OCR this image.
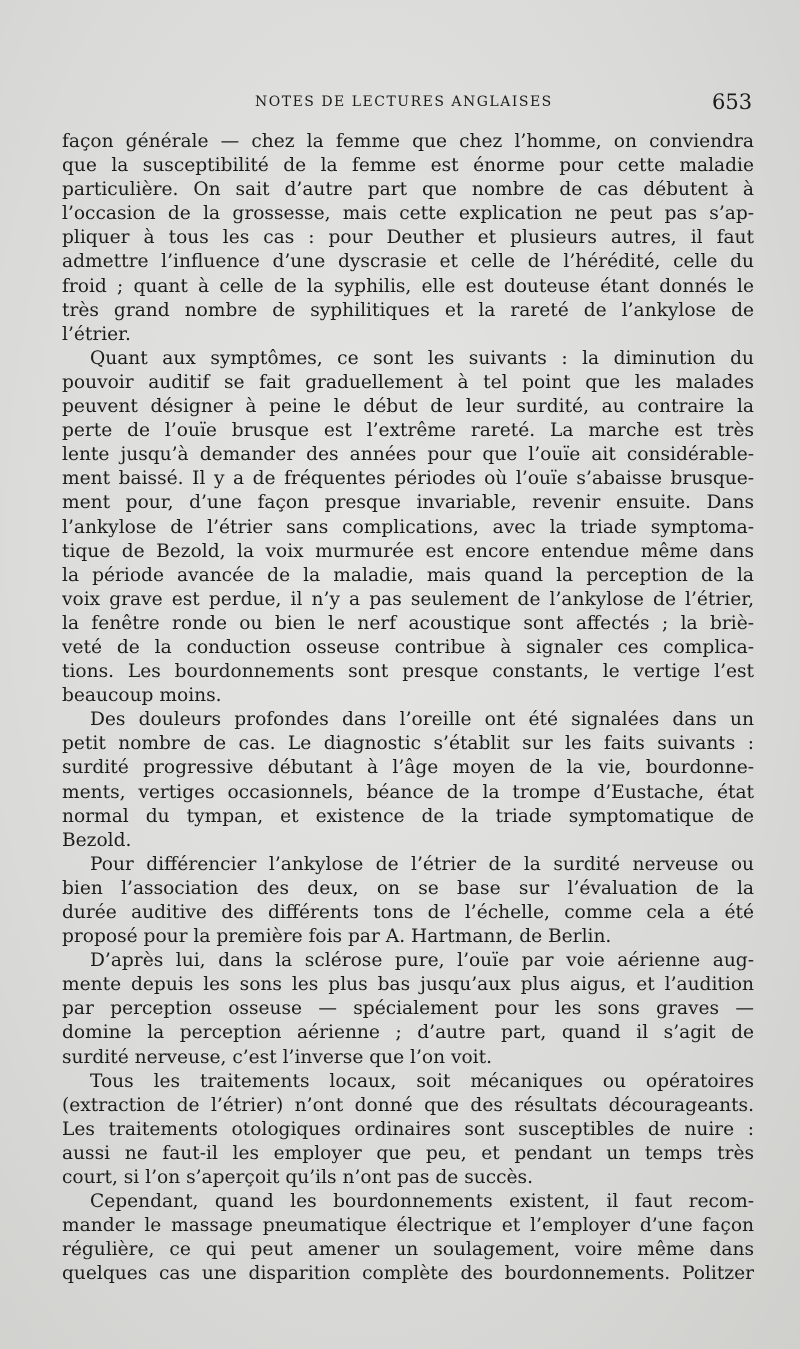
NOTES DE LECTURES ANGLAISES	653
façon générale — chez la femme que chez l’homme, on conviendra
que la susceptibilité de la femme est énorme pour cette maladie
particulière. On sait d’autre part que nombre de cas débutent à
l’occasion de la grossesse, mais cette explication ne peut pas s’ap-
pliquer à tous les cas : pour Deuther et plusieurs autres, il faut
admettre l’influence d’une dyscrasie et celle de l’hérédité, celle du
froid ; quant à celle de la syphilis, elle est douteuse étant donnés le
très grand nombre de syphilitiques et la rareté de l’ankylose de
l’étrier.
Quant aux symptômes, ce sont les suivants : la diminution du
pouvoir auditif se fait graduellement à tel point que les malades
peuvent désigner à peine le début de leur surdité, au contraire la
perte de l’ouïe brusque est l’extrême rareté. La marche est très
lente jusqu’à demander des années pour que l’ouïe ait considérable-
ment baissé. Il y a de fréquentes périodes où l’ouïe s’abaisse brusque-
ment pour, d’une façon presque invariable, revenir ensuite. Dans
l’ankylose de l’étrier sans complications, avec la triade symptoma-
tique de Bezold, la voix murmurée est encore entendue même dans
la période avancée de la maladie, mais quand la perception de la
voix grave est perdue, il n’y a pas seulement de l’ankylose de l’étrier,
la fenêtre ronde ou bien le nerf acoustique sont affectés ; la briè-
veté de la conduction osseuse contribue à signaler ces complica-
tions. Les bourdonnements sont presque constants, le vertige l’est
beaucoup moins.
Des douleurs profondes dans l’oreille ont été signalées dans un
petit nombre de cas. Le diagnostic s’établit sur les faits suivants :
surdité progressive débutant à l’âge moyen de la vie, bourdonne-
ments, vertiges occasionnels, béance de la trompe d’Eustache, état
normal du tympan, et existence de la triade symptomatique de
Bezold.
Pour différencier l’ankylose de l’étrier de la surdité nerveuse ou
bien l’association des deux, on se base sur l’évaluation de la
durée auditive des différents tons de l’échelle, comme cela a été
proposé pour la première fois par A. Hartmann, de Berlin.
D’après lui, dans la sclérose pure, l’ouïe par voie aérienne aug-
mente depuis les sons les plus bas jusqu’aux plus aigus, et l’audition
par perception osseuse — spécialement pour les sons graves —
domine la perception aérienne ; d’autre part, quand il s’agit de
surdité nerveuse, c’est l’inverse que l’on voit.
Tous les traitements locaux, soit mécaniques ou opératoires
(extraction de l’étrier) n’ont donné que des résultats décourageants.
Les traitements otologiques ordinaires sont susceptibles de nuire :
aussi ne faut-il les employer que peu, et pendant un temps très
court, si l’on s’aperçoit qu’ils n’ont pas de succès.
Cependant, quand les bourdonnements existent, il faut recom-
mander le massage pneumatique électrique et l’employer d’une façon
régulière, ce qui peut amener un soulagement, voire même dans
quelques cas une disparition complète des bourdonnements. Politzer
